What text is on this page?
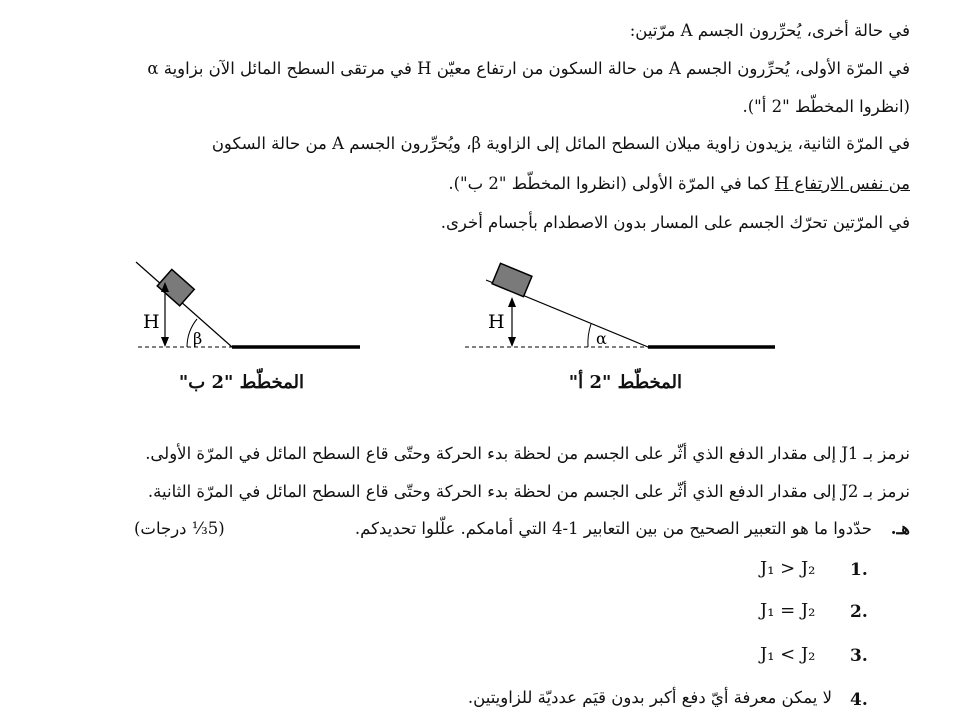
في حالة أخرى، يُحرِّرون الجسم A مرّتين:
في المرّة الأولى، يُحرِّرون الجسم A من حالة السكون من ارتفاع معيّن H في مرتقى السطح المائل الآن بزاوية α
(انظروا المخطّط "2 أ").
في المرّة الثانية، يزيدون زاوية ميلان السطح المائل إلى الزاوية β، ويُحرِّرون الجسم A من حالة السكون
من نفس الارتفاع H كما في المرّة الأولى (انظروا المخطّط "2 ب").
في المرّتين تحرّك الجسم على المسار بدون الاصطدام بأجسام أخرى.
H
β
H
α
المخطّط "2 ب"	المخطّط "2 أ"
نرمز بـ J1 إلى مقدار الدفع الذي أثّر على الجسم من لحظة بدء الحركة وحتّى قاع السطح المائل في المرّة الأولى.
نرمز بـ J2 إلى مقدار الدفع الذي أثّر على الجسم من لحظة بدء الحركة وحتّى قاع السطح المائل في المرّة الثانية.
هـ.
حدّدوا ما هو التعبير الصحيح من بين التعابير 1-4 التي أمامكم. علّلوا تحديدكم.
(5⅓ درجات)
1.
J₁ > J₂
2.
J₁ = J₂
3.
J₁ < J₂
4.
لا يمكن معرفة أيّ دفع أكبر بدون قيَم عدديّة للزاويتين.
